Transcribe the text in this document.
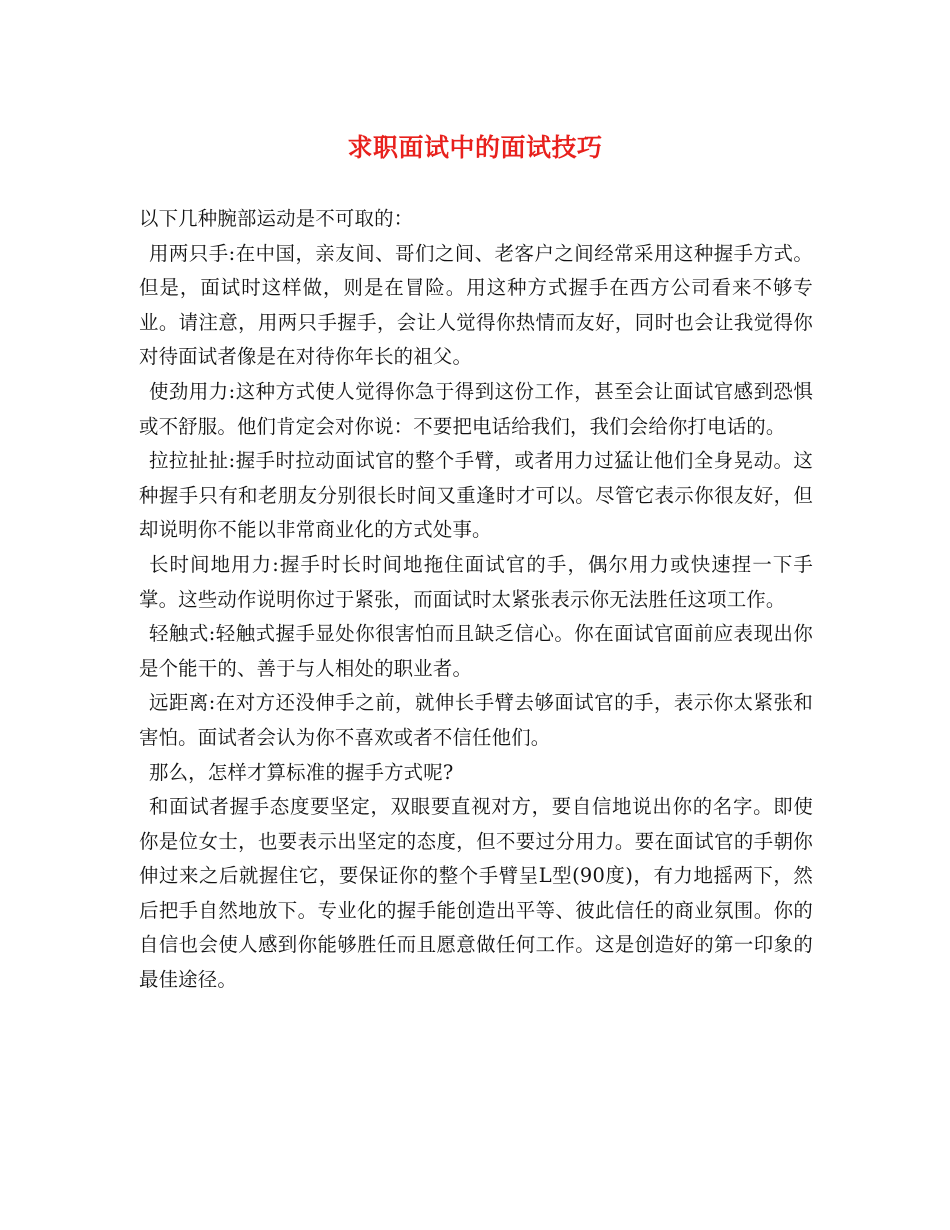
求职面试中的面试技巧

以下几种腕部运动是不可取的：

用两只手:在中国，亲友间、哥们之间、老客户之间经常采用这种握手方式。但是，面试时这样做，则是在冒险。用这种方式握手在西方公司看来不够专业。请注意，用两只手握手，会让人觉得你热情而友好，同时也会让我觉得你对待面试者像是在对待你年长的祖父。

使劲用力:这种方式使人觉得你急于得到这份工作，甚至会让面试官感到恐惧或不舒服。他们肯定会对你说：不要把电话给我们，我们会给你打电话的。

拉拉扯扯:握手时拉动面试官的整个手臂，或者用力过猛让他们全身晃动。这种握手只有和老朋友分别很长时间又重逢时才可以。尽管它表示你很友好，但却说明你不能以非常商业化的方式处事。

长时间地用力:握手时长时间地拖住面试官的手，偶尔用力或快速捏一下手掌。这些动作说明你过于紧张，而面试时太紧张表示你无法胜任这项工作。

轻触式:轻触式握手显处你很害怕而且缺乏信心。你在面试官面前应表现出你是个能干的、善于与人相处的职业者。

远距离:在对方还没伸手之前，就伸长手臂去够面试官的手，表示你太紧张和害怕。面试者会认为你不喜欢或者不信任他们。

那么，怎样才算标准的握手方式呢?

和面试者握手态度要坚定，双眼要直视对方，要自信地说出你的名字。即使你是位女士，也要表示出坚定的态度，但不要过分用力。要在面试官的手朝你伸过来之后就握住它，要保证你的整个手臂呈L型(90度)，有力地摇两下，然后把手自然地放下。专业化的握手能创造出平等、彼此信任的商业氛围。你的自信也会使人感到你能够胜任而且愿意做任何工作。这是创造好的第一印象的最佳途径。
